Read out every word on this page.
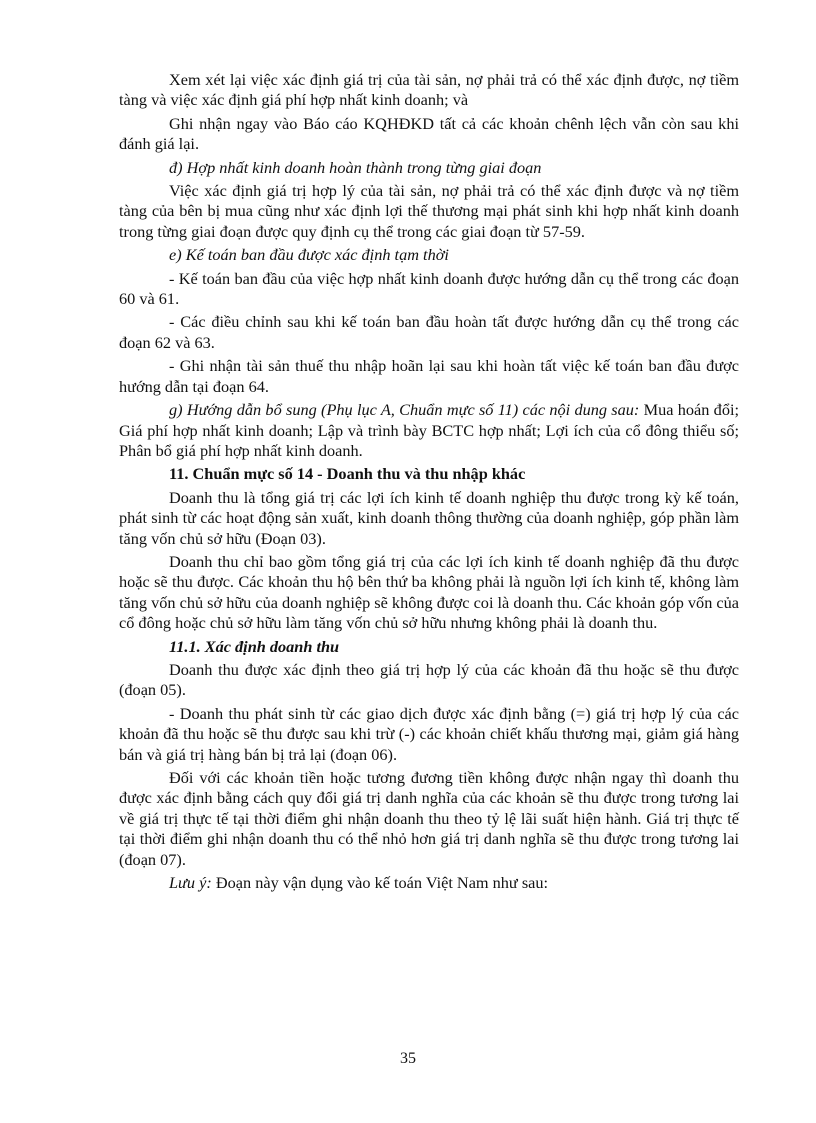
Xem xét lại việc xác định giá trị của tài sản, nợ phải trả có thể xác định được, nợ tiềm tàng và việc xác định giá phí hợp nhất kinh doanh; và

Ghi nhận ngay vào Báo cáo KQHĐKD tất cả các khoản chênh lệch vẫn còn sau khi đánh giá lại.

đ) Hợp nhất kinh doanh hoàn thành trong từng giai đoạn

Việc xác định giá trị hợp lý của tài sản, nợ phải trả có thể xác định được và nợ tiềm tàng của bên bị mua cũng như xác định lợi thế thương mại phát sinh khi hợp nhất kinh doanh trong từng giai đoạn được quy định cụ thể trong các giai đoạn từ 57-59.

e) Kế toán ban đầu được xác định tạm thời

- Kế toán ban đầu của việc hợp nhất kinh doanh được hướng dẫn cụ thể trong các đoạn 60 và 61.

- Các điều chỉnh sau khi kế toán ban đầu hoàn tất được hướng dẫn cụ thể trong các đoạn 62 và 63.

- Ghi nhận tài sản thuế thu nhập hoãn lại sau khi hoàn tất việc kế toán ban đầu được hướng dẫn tại đoạn 64.

g) Hướng dẫn bổ sung (Phụ lục A, Chuẩn mực số 11) các nội dung sau: Mua hoán đổi; Giá phí hợp nhất kinh doanh; Lập và trình bày BCTC hợp nhất; Lợi ích của cổ đông thiểu số; Phân bổ giá phí hợp nhất kinh doanh.

11. Chuẩn mực số 14 - Doanh thu và thu nhập khác

Doanh thu là tổng giá trị các lợi ích kinh tế doanh nghiệp thu được trong kỳ kế toán, phát sinh từ các hoạt động sản xuất, kinh doanh thông thường của doanh nghiệp, góp phần làm tăng vốn chủ sở hữu (Đoạn 03).

Doanh thu chỉ bao gồm tổng giá trị của các lợi ích kinh tế doanh nghiệp đã thu được hoặc sẽ thu được. Các khoản thu hộ bên thứ ba không phải là nguồn lợi ích kinh tế, không làm tăng vốn chủ sở hữu của doanh nghiệp sẽ không được coi là doanh thu. Các khoản góp vốn của cổ đông hoặc chủ sở hữu làm tăng vốn chủ sở hữu nhưng không phải là doanh thu.

11.1. Xác định doanh thu

Doanh thu được xác định theo giá trị hợp lý của các khoản đã thu hoặc sẽ thu được (đoạn 05).

- Doanh thu phát sinh từ các giao dịch được xác định bằng (=) giá trị hợp lý của các khoản đã thu hoặc sẽ thu được sau khi trừ (-) các khoản chiết khấu thương mại, giảm giá hàng bán và giá trị hàng bán bị trả lại (đoạn 06).

Đối với các khoản tiền hoặc tương đương tiền không được nhận ngay thì doanh thu được xác định bằng cách quy đổi giá trị danh nghĩa của các khoản sẽ thu được trong tương lai về giá trị thực tế tại thời điểm ghi nhận doanh thu theo tỷ lệ lãi suất hiện hành. Giá trị thực tế tại thời điểm ghi nhận doanh thu có thể nhỏ hơn giá trị danh nghĩa sẽ thu được trong tương lai (đoạn 07).

Lưu ý: Đoạn này vận dụng vào kế toán Việt Nam như sau:

35
